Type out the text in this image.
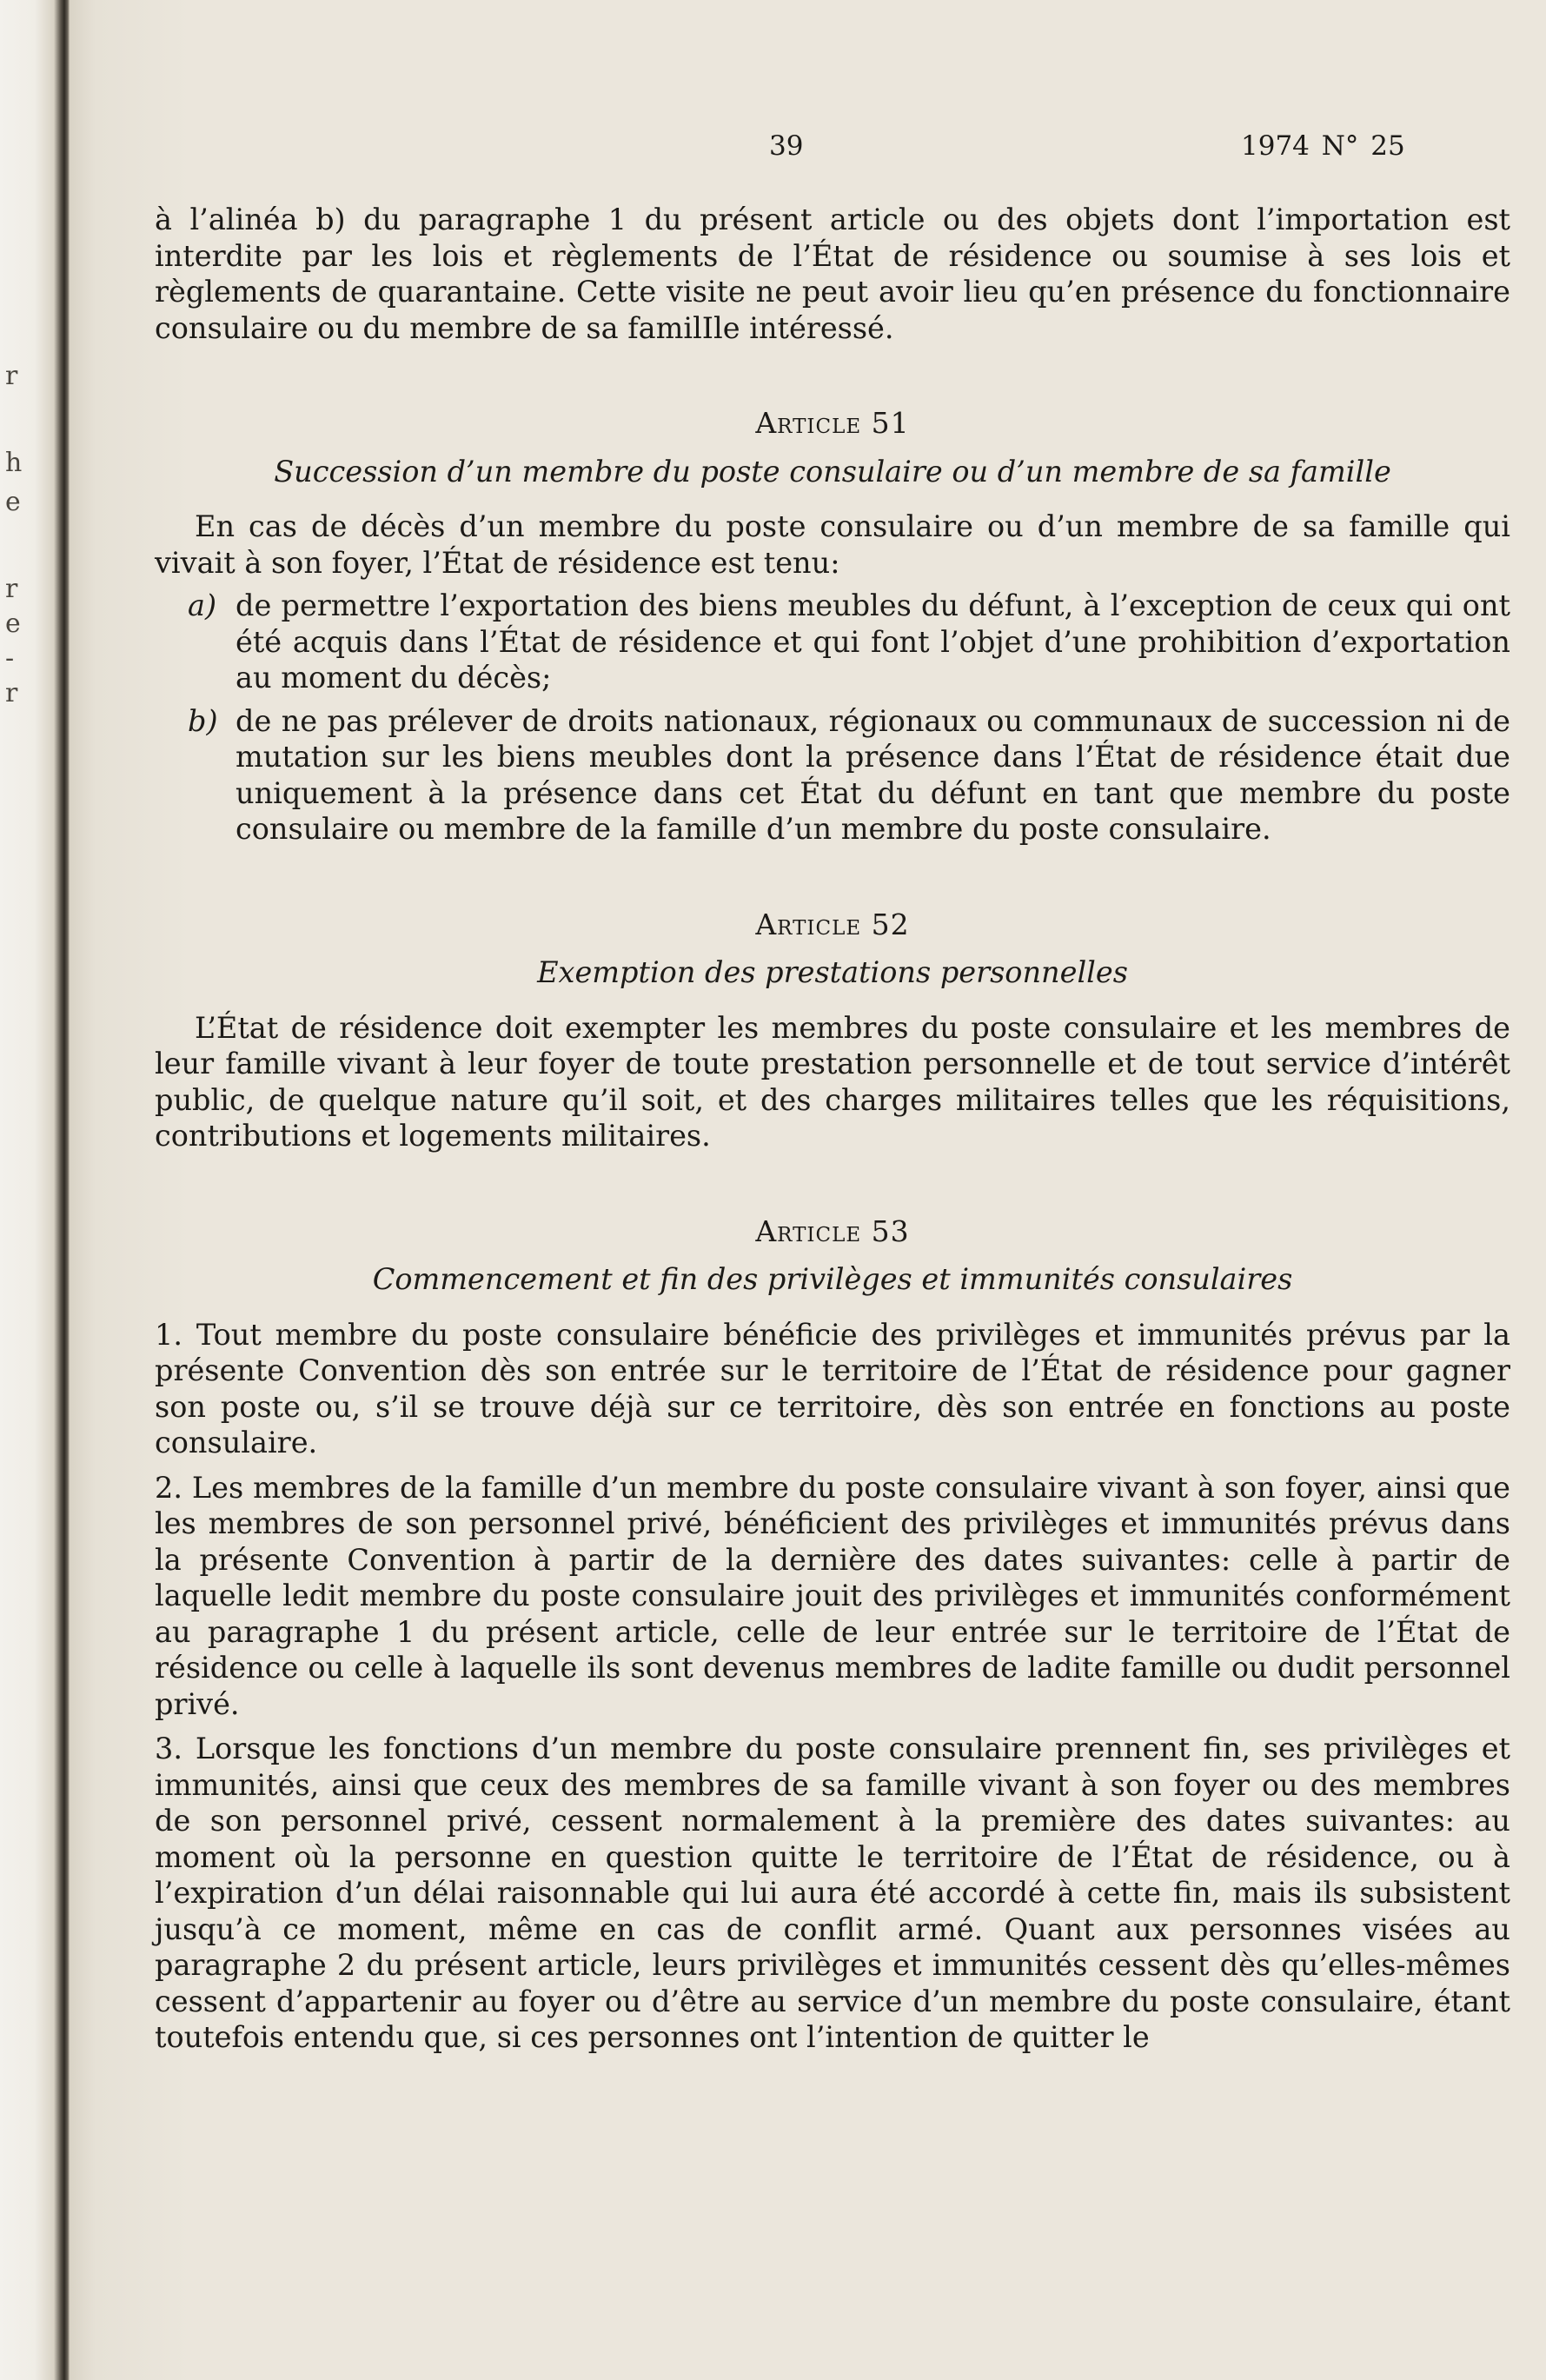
r
h
e
r
e
-
r
39	1974 N° 25

à l’alinéa b) du paragraphe 1 du présent article ou des objets dont l’importation est interdite par les lois et règlements de l’État de résidence ou soumise à ses lois et règlements de quarantaine. Cette visite ne peut avoir lieu qu’en présence du fonctionnaire consulaire ou du membre de sa familIle intéressé.

Article 51
Succession d’un membre du poste consulaire ou d’un membre de sa famille

En cas de décès d’un membre du poste consulaire ou d’un membre de sa famille qui vivait à son foyer, l’État de résidence est tenu:

a) de permettre l’exportation des biens meubles du défunt, à l’exception de ceux qui ont été acquis dans l’État de résidence et qui font l’objet d’une prohibition d’exportation au moment du décès;
b) de ne pas prélever de droits nationaux, régionaux ou communaux de succession ni de mutation sur les biens meubles dont la présence dans l’État de résidence était due uniquement à la présence dans cet État du défunt en tant que membre du poste consulaire ou membre de la famille d’un membre du poste consulaire.
Article 52
Exemption des prestations personnelles

L’État de résidence doit exempter les membres du poste consulaire et les membres de leur famille vivant à leur foyer de toute prestation personnelle et de tout service d’intérêt public, de quelque nature qu’il soit, et des charges militaires telles que les réquisitions, contributions et logements militaires.

Article 53
Commencement et fin des privilèges et immunités consulaires

1. Tout membre du poste consulaire bénéficie des privilèges et immunités prévus par la présente Convention dès son entrée sur le territoire de l’État de résidence pour gagner son poste ou, s’il se trouve déjà sur ce territoire, dès son entrée en fonctions au poste consulaire.

2. Les membres de la famille d’un membre du poste consulaire vivant à son foyer, ainsi que les membres de son personnel privé, bénéficient des privilèges et immunités prévus dans la présente Convention à partir de la dernière des dates suivantes: celle à partir de laquelle ledit membre du poste consulaire jouit des privilèges et immunités conformément au paragraphe 1 du présent article, celle de leur entrée sur le territoire de l’État de résidence ou celle à laquelle ils sont devenus membres de ladite famille ou dudit personnel privé.

3. Lorsque les fonctions d’un membre du poste consulaire prennent fin, ses privilèges et immunités, ainsi que ceux des membres de sa famille vivant à son foyer ou des membres de son personnel privé, cessent normalement à la première des dates suivantes: au moment où la personne en question quitte le territoire de l’État de résidence, ou à l’expiration d’un délai raisonnable qui lui aura été accordé à cette fin, mais ils subsistent jusqu’à ce moment, même en cas de conflit armé. Quant aux personnes visées au paragraphe 2 du présent article, leurs privilèges et immunités cessent dès qu’elles-mêmes cessent d’appartenir au foyer ou d’être au service d’un membre du poste consulaire, étant toutefois entendu que, si ces personnes ont l’intention de quitter le
